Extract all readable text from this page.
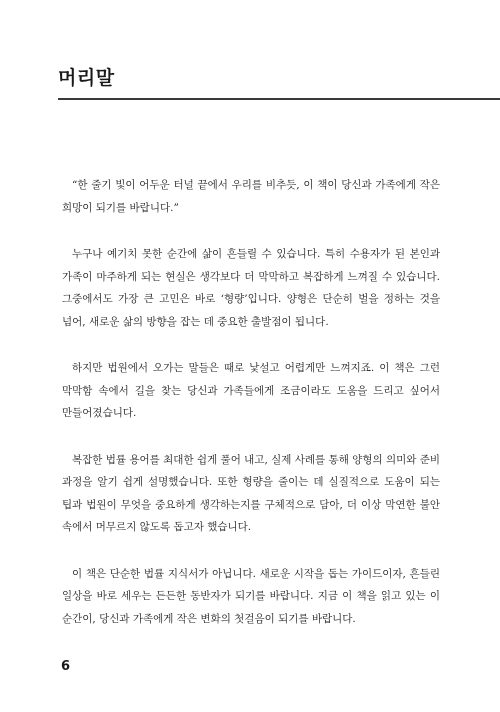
머리말

“한 줄기 빛이 어두운 터널 끝에서 우리를 비추듯, 이 책이 당신과 가족에게 작은 희망이 되기를 바랍니다.”

누구나 예기치 못한 순간에 삶이 흔들릴 수 있습니다. 특히 수용자가 된 본인과 가족이 마주하게 되는 현실은 생각보다 더 막막하고 복잡하게 느껴질 수 있습니다. 그중에서도 가장 큰 고민은 바로 ‘형량’입니다. 양형은 단순히 벌을 정하는 것을 넘어, 새로운 삶의 방향을 잡는 데 중요한 출발점이 됩니다.

하지만 법원에서 오가는 말들은 때로 낯설고 어렵게만 느껴지죠. 이 책은 그런 막막함 속에서 길을 찾는 당신과 가족들에게 조금이라도 도움을 드리고 싶어서 만들어졌습니다.

복잡한 법률 용어를 최대한 쉽게 풀어 내고, 실제 사례를 통해 양형의 의미와 준비 과정을 알기 쉽게 설명했습니다. 또한 형량을 줄이는 데 실질적으로 도움이 되는 팁과 법원이 무엇을 중요하게 생각하는지를 구체적으로 담아, 더 이상 막연한 불안 속에서 머무르지 않도록 돕고자 했습니다.

이 책은 단순한 법률 지식서가 아닙니다. 새로운 시작을 돕는 가이드이자, 흔들린 일상을 바로 세우는 든든한 동반자가 되기를 바랍니다. 지금 이 책을 읽고 있는 이 순간이, 당신과 가족에게 작은 변화의 첫걸음이 되기를 바랍니다.

6
